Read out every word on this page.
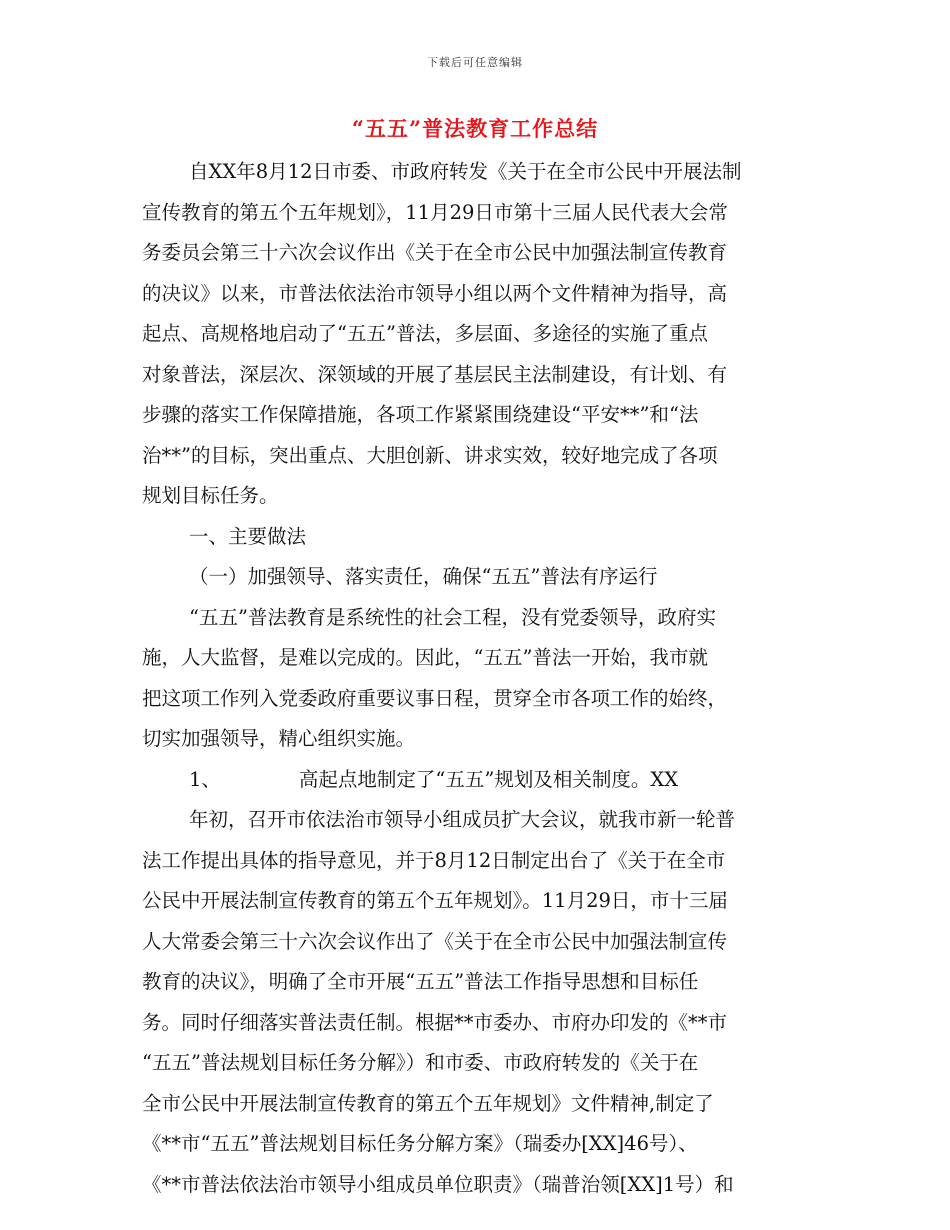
下载后可任意编辑
“五五”普法教育工作总结
自XX年8月12日市委、市政府转发《关于在全市公民中开展法制
宣传教育的第五个五年规划》，11月29日市第十三届人民代表大会常
务委员会第三十六次会议作出《关于在全市公民中加强法制宣传教育
的决议》以来，市普法依法治市领导小组以两个文件精神为指导，高
起点、高规格地启动了“五五”普法，多层面、多途径的实施了重点
对象普法，深层次、深领域的开展了基层民主法制建设，有计划、有
步骤的落实工作保障措施，各项工作紧紧围绕建设“平安**”和“法
治**”的目标，突出重点、大胆创新、讲求实效，较好地完成了各项
规划目标任务。
一、主要做法
（一）加强领导、落实责任，确保“五五”普法有序运行
“五五”普法教育是系统性的社会工程，没有党委领导，政府实
施，人大监督，是难以完成的。因此，“五五”普法一开始，我市就
把这项工作列入党委政府重要议事日程，贯穿全市各项工作的始终，
切实加强领导，精心组织实施。
1、	高起点地制定了“五五”规划及相关制度。XX
年初，召开市依法治市领导小组成员扩大会议，就我市新一轮普
法工作提出具体的指导意见，并于8月12日制定出台了《关于在全市
公民中开展法制宣传教育的第五个五年规划》。11月29日，市十三届
人大常委会第三十六次会议作出了《关于在全市公民中加强法制宣传
教育的决议》，明确了全市开展“五五”普法工作指导思想和目标任
务。同时仔细落实普法责任制。根据**市委办、市府办印发的《**市
“五五”普法规划目标任务分解》）和市委、市政府转发的《关于在
全市公民中开展法制宣传教育的第五个五年规划》文件精神,制定了
《**市“五五”普法规划目标任务分解方案》（瑞委办[XX]46号）、
《**市普法依法治市领导小组成员单位职责》（瑞普治领[XX]1号）和
